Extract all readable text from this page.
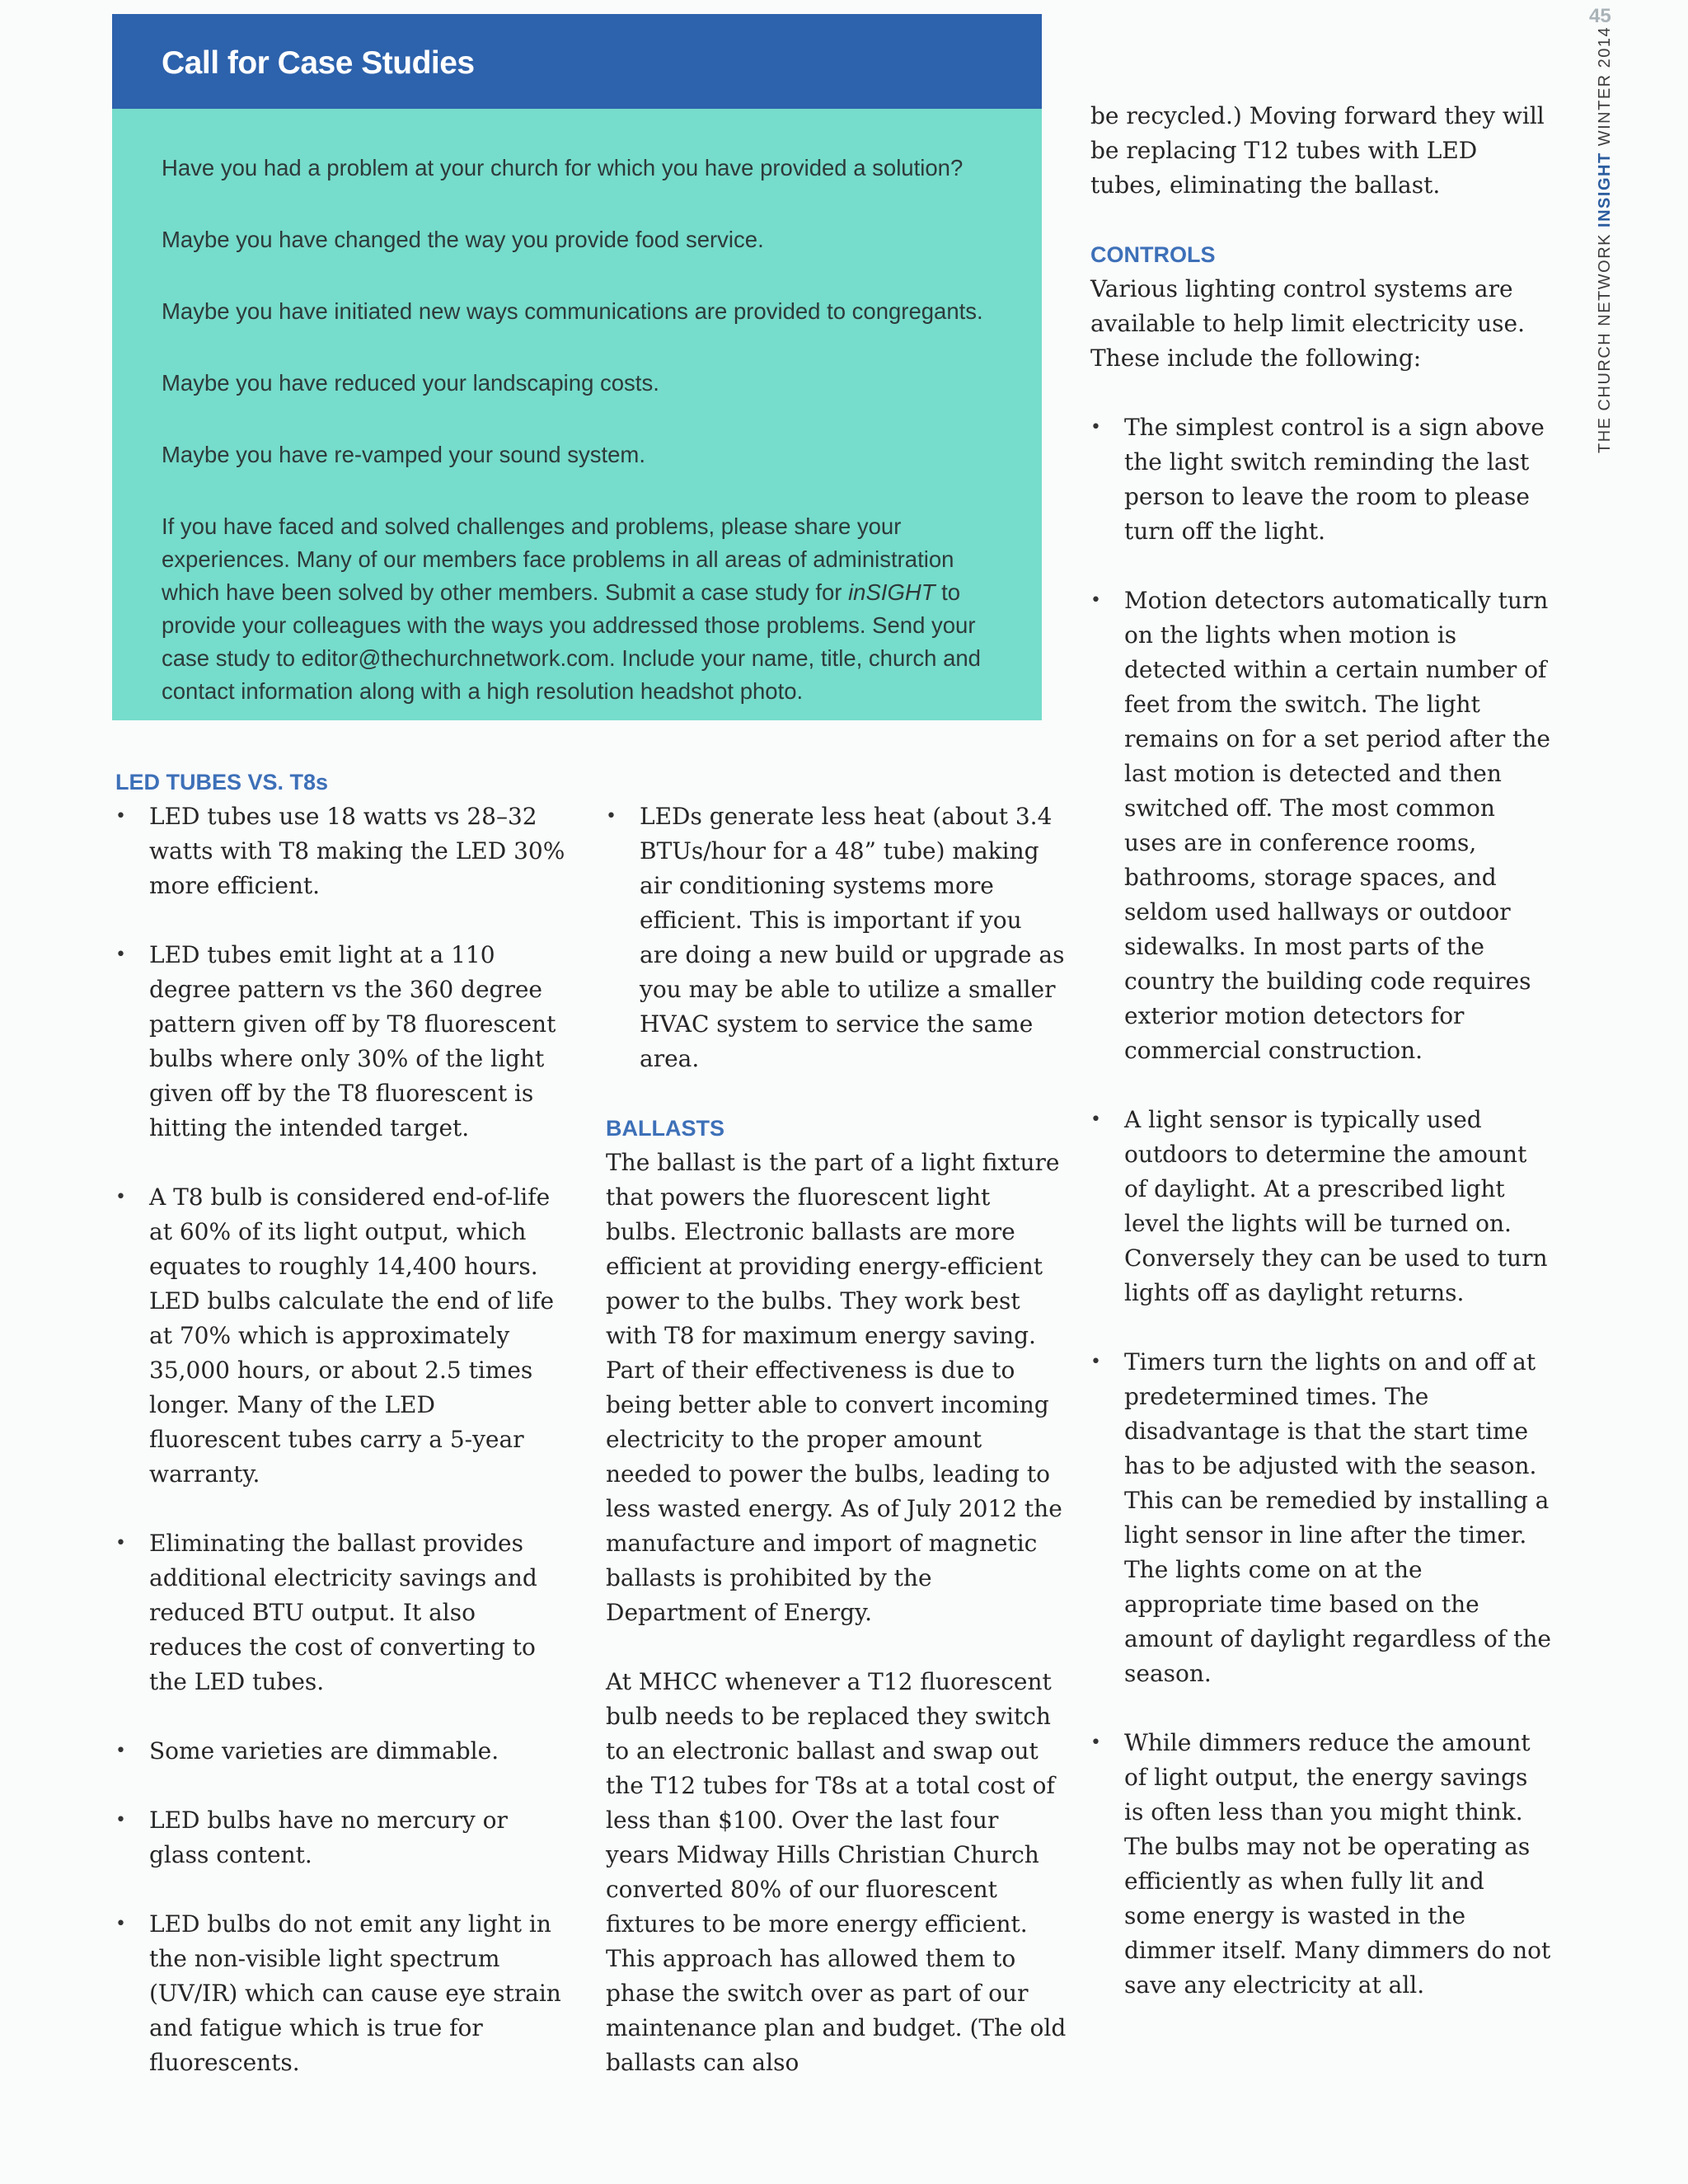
45
THE CHURCH NETWORK INSIGHT WINTER 2014
Call for Case Studies

Have you had a problem at your church for which you have provided a solution?

Maybe you have changed the way you provide food service.

Maybe you have initiated new ways communications are provided to congregants.

Maybe you have reduced your landscaping costs.

Maybe you have re-vamped your sound system.

If you have faced and solved challenges and problems, please share your experiences. Many of our members face problems in all areas of administration which have been solved by other members. Submit a case study for inSIGHT to provide your colleagues with the ways you addressed those problems. Send your case study to editor@thechurchnetwork.com. Include your name, title, church and contact information along with a high resolution headshot photo.

LED TUBES VS. T8s
• LED tubes use 18 watts vs 28–32 watts with T8 making the LED 30% more efficient.
• LED tubes emit light at a 110 degree pattern vs the 360 degree pattern given off by T8 fluorescent bulbs where only 30% of the light given off by the T8 fluorescent is hitting the intended target.
• A T8 bulb is considered end-of-life at 60% of its light output, which equates to roughly 14,400 hours. LED bulbs calculate the end of life at 70% which is approximately 35,000 hours, or about 2.5 times longer. Many of the LED fluorescent tubes carry a 5-year warranty.
• Eliminating the ballast provides additional electricity savings and reduced BTU output. It also reduces the cost of converting to the LED tubes.
• Some varieties are dimmable.
• LED bulbs have no mercury or glass content.
• LED bulbs do not emit any light in the non-visible light spectrum (UV/IR) which can cause eye strain and fatigue which is true for fluorescents.
• LEDs generate less heat (about 3.4 BTUs/hour for a 48” tube) making air conditioning systems more efficient. This is important if you are doing a new build or upgrade as you may be able to utilize a smaller HVAC system to service the same area.
BALLASTS

The ballast is the part of a light fixture that powers the fluorescent light bulbs. Electronic ballasts are more efficient at providing energy-efficient power to the bulbs. They work best with T8 for maximum energy saving. Part of their effectiveness is due to being better able to convert incoming electricity to the proper amount needed to power the bulbs, leading to less wasted energy. As of July 2012 the manufacture and import of magnetic ballasts is prohibited by the Department of Energy.

At MHCC whenever a T12 fluorescent bulb needs to be replaced they switch to an electronic ballast and swap out the T12 tubes for T8s at a total cost of less than $100. Over the last four years Midway Hills Christian Church converted 80% of our fluorescent fixtures to be more energy efficient. This approach has allowed them to phase the switch over as part of our maintenance plan and budget. (The old ballasts can also

be recycled.) Moving forward they will be replacing T12 tubes with LED tubes, eliminating the ballast.

CONTROLS

Various lighting control systems are available to help limit electricity use. These include the following:

• The simplest control is a sign above the light switch reminding the last person to leave the room to please turn off the light.
• Motion detectors automatically turn on the lights when motion is detected within a certain number of feet from the switch. The light remains on for a set period after the last motion is detected and then switched off. The most common uses are in conference rooms, bathrooms, storage spaces, and seldom used hallways or outdoor sidewalks. In most parts of the country the building code requires exterior motion detectors for commercial construction.
• A light sensor is typically used outdoors to determine the amount of daylight. At a prescribed light level the lights will be turned on. Conversely they can be used to turn lights off as daylight returns.
• Timers turn the lights on and off at predetermined times. The disadvantage is that the start time has to be adjusted with the season. This can be remedied by installing a light sensor in line after the timer. The lights come on at the appropriate time based on the amount of daylight regardless of the season.
• While dimmers reduce the amount of light output, the energy savings is often less than you might think. The bulbs may not be operating as efficiently as when fully lit and some energy is wasted in the dimmer itself. Many dimmers do not save any electricity at all.
